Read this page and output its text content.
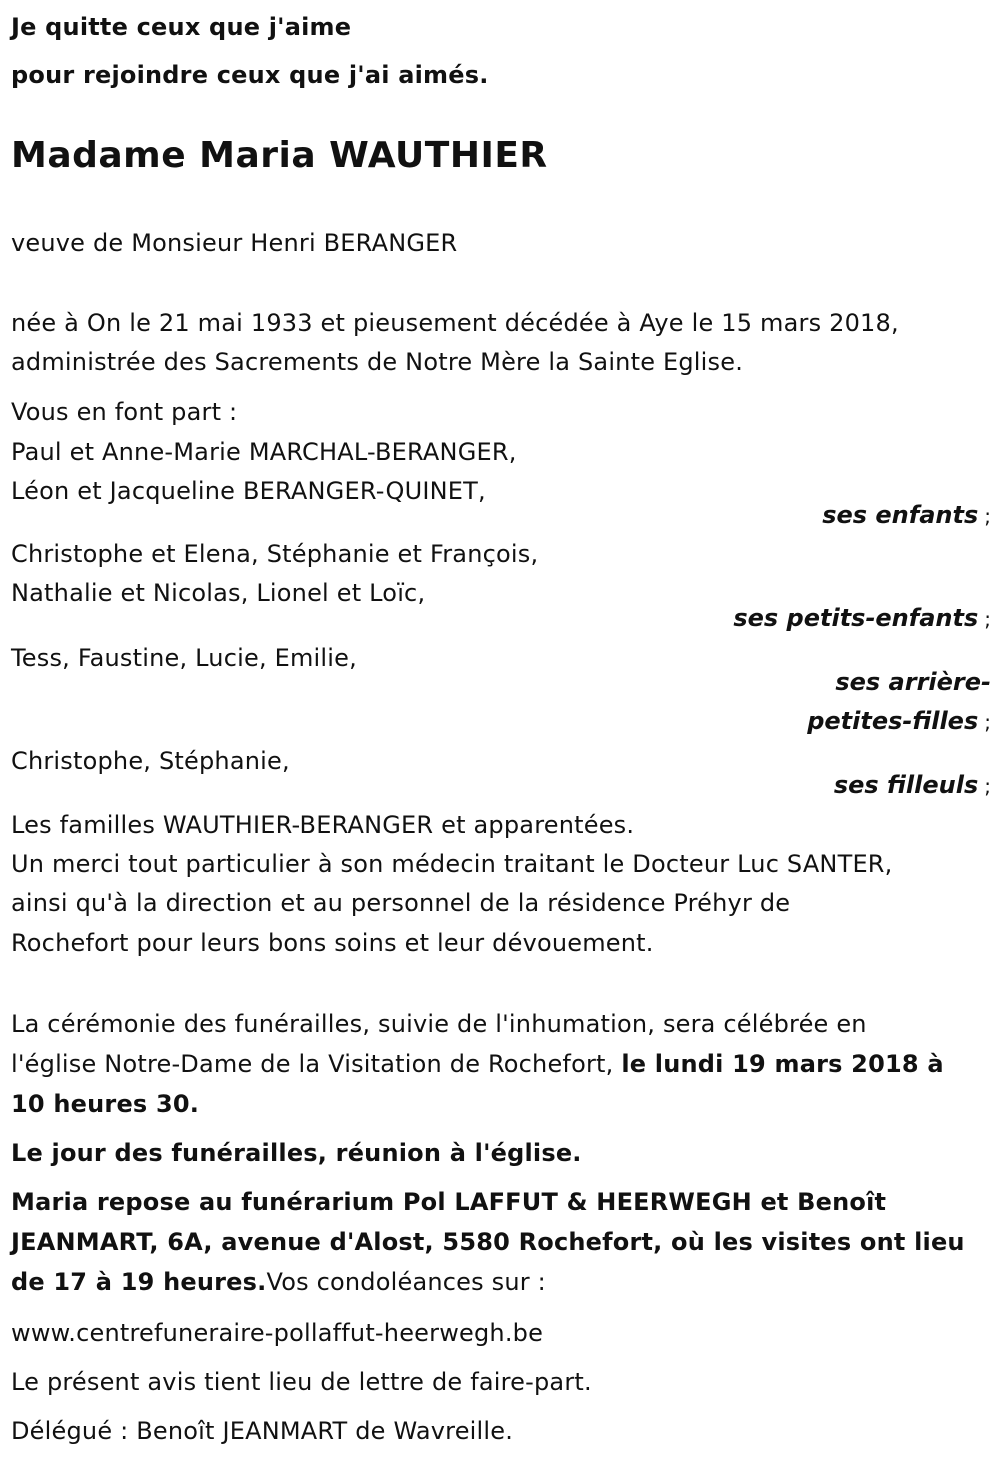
Je quitte ceux que j'aime
pour rejoindre ceux que j'ai aimés.
Madame Maria WAUTHIER
veuve de Monsieur Henri BERANGER
née à On le 21 mai 1933 et pieusement décédée à Aye le 15 mars 2018,
administrée des Sacrements de Notre Mère la Sainte Eglise.
Vous en font part :
Paul et Anne-Marie MARCHAL-BERANGER,
Léon et Jacqueline BERANGER-QUINET,
ses enfants ;
Christophe et Elena, Stéphanie et François,
Nathalie et Nicolas, Lionel et Loïc,
ses petits-enfants ;
Tess, Faustine, Lucie, Emilie,
ses arrière-
petites-filles ;
Christophe, Stéphanie,
ses filleuls ;
Les familles WAUTHIER-BERANGER et apparentées.
Un merci tout particulier à son médecin traitant le Docteur Luc SANTER,
ainsi qu'à la direction et au personnel de la résidence Préhyr de
Rochefort pour leurs bons soins et leur dévouement.
La cérémonie des funérailles, suivie de l'inhumation, sera célébrée en
l'église Notre-Dame de la Visitation de Rochefort, le lundi 19 mars 2018 à
10 heures 30.
Le jour des funérailles, réunion à l'église.
Maria repose au funérarium Pol LAFFUT & HEERWEGH et Benoît
JEANMART, 6A, avenue d'Alost, 5580 Rochefort, où les visites ont lieu
de 17 à 19 heures.Vos condoléances sur :
www.centrefuneraire-pollaffut-heerwegh.be
Le présent avis tient lieu de lettre de faire-part.
Délégué : Benoît JEANMART de Wavreille.
